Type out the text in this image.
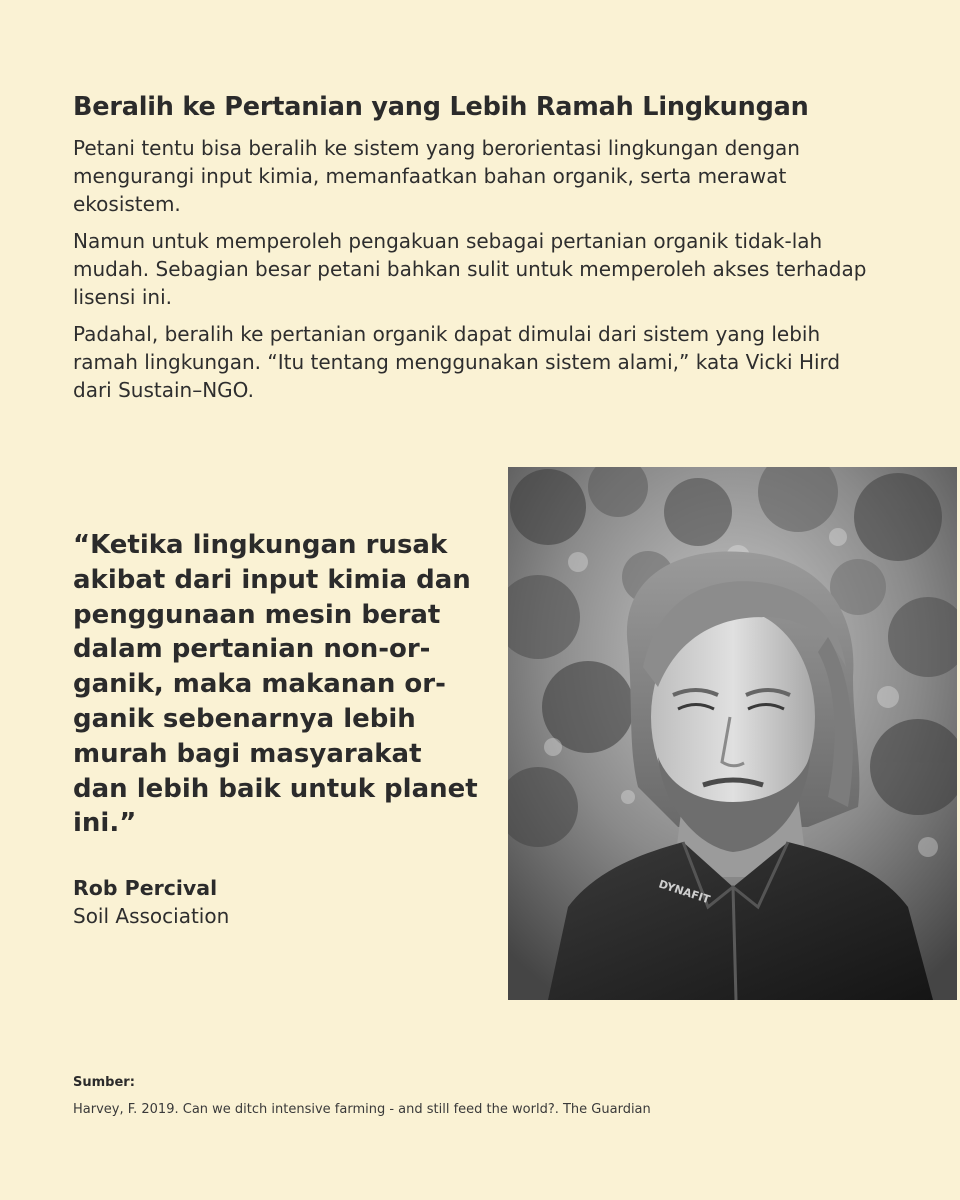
Beralih ke Pertanian yang Lebih Ramah Lingkungan

Petani tentu bisa beralih ke sistem yang berorientasi lingkungan dengan mengurangi input kimia, memanfaatkan bahan organik, serta merawat ekosistem.

Namun untuk memperoleh pengakuan sebagai pertanian organik tidak-lah mudah. Sebagian besar petani bahkan sulit untuk memperoleh akses terhadap lisensi ini.

Padahal, beralih ke pertanian organik dapat dimulai dari sistem yang lebih ramah lingkungan. “Itu tentang menggunakan sistem alami,” kata Vicki Hird dari Sustain–NGO.

“Ketika lingkungan rusak akibat dari input kimia dan penggunaan mesin berat dalam pertanian non-or-ganik, maka makanan or-ganik sebenarnya lebih murah bagi masyarakat dan lebih baik untuk planet ini.”

Rob Percival
Soil Association
DYNAFIT
Sumber:
Harvey, F. 2019. Can we ditch intensive farming - and still feed the world?. The Guardian
